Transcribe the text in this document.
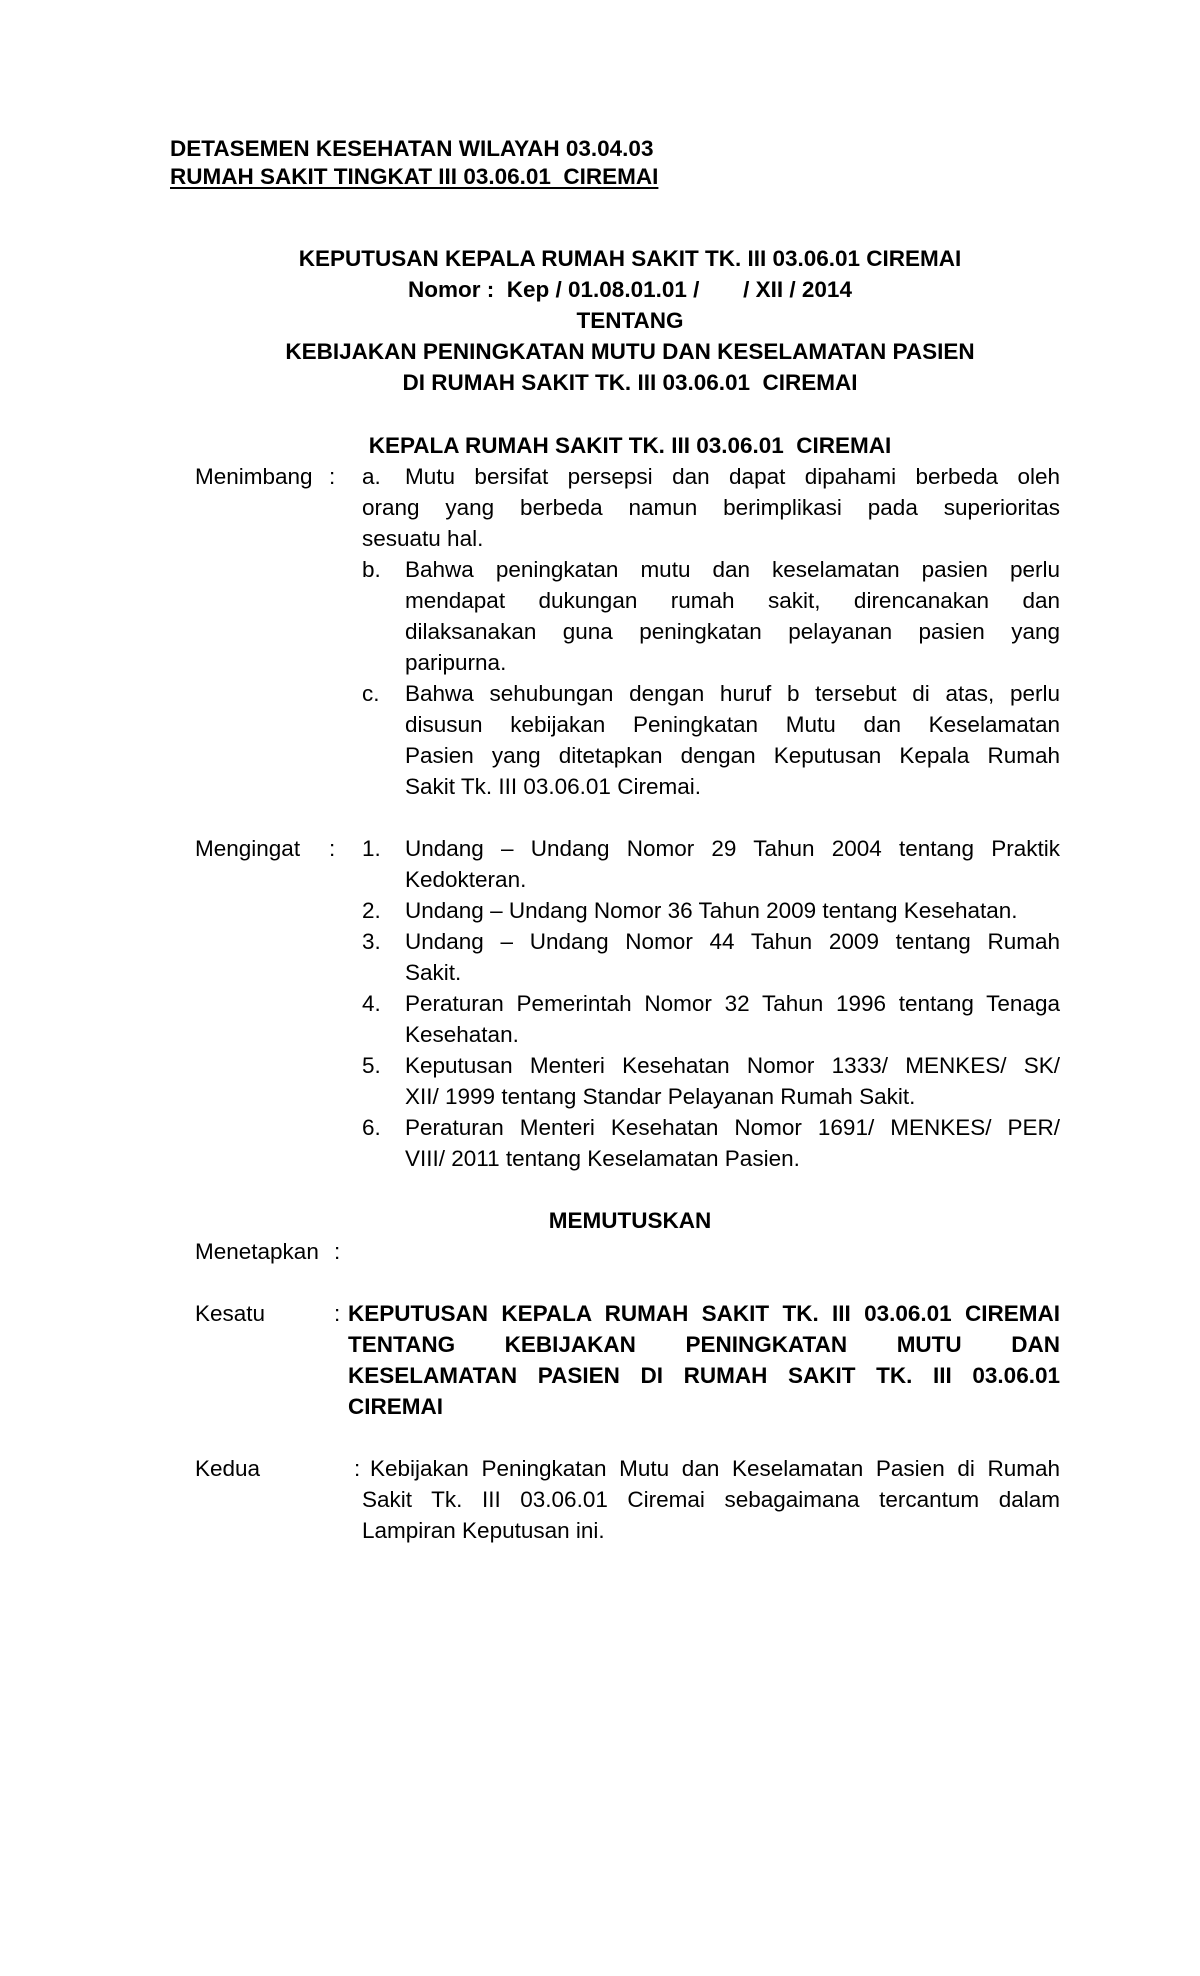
DETASEMEN KESEHATAN WILAYAH 03.04.03
RUMAH SAKIT TINGKAT III 03.06.01  CIREMAI
KEPUTUSAN KEPALA RUMAH SAKIT TK. III 03.06.01 CIREMAI
Nomor :  Kep / 01.08.01.01 /       / XII / 2014
TENTANG
KEBIJAKAN PENINGKATAN MUTU DAN KESELAMATAN PASIEN
DI RUMAH SAKIT TK. III 03.06.01  CIREMAI
KEPALA RUMAH SAKIT TK. III 03.06.01  CIREMAI
Menimbang : a. Mutu bersifat persepsi dan dapat dipahami berbeda oleh
orang yang berbeda namun berimplikasi pada superioritas
sesuatu hal.
b. Bahwa peningkatan mutu dan keselamatan pasien perlu
mendapat dukungan rumah sakit, direncanakan dan
dilaksanakan guna peningkatan pelayanan pasien yang
paripurna.
c. Bahwa sehubungan dengan huruf b tersebut di atas, perlu
disusun kebijakan Peningkatan Mutu dan Keselamatan
Pasien yang ditetapkan dengan Keputusan Kepala Rumah
Sakit Tk. III 03.06.01 Ciremai.
Mengingat : 1. Undang – Undang Nomor 29 Tahun 2004 tentang Praktik
Kedokteran.
2. Undang – Undang Nomor 36 Tahun 2009 tentang Kesehatan.
3. Undang – Undang Nomor 44 Tahun 2009 tentang Rumah
Sakit.
4. Peraturan Pemerintah Nomor 32 Tahun 1996 tentang Tenaga
Kesehatan.
5. Keputusan Menteri Kesehatan Nomor 1333/ MENKES/ SK/
XII/ 1999 tentang Standar Pelayanan Rumah Sakit.
6. Peraturan Menteri Kesehatan Nomor 1691/ MENKES/ PER/
VIII/ 2011 tentang Keselamatan Pasien.
MEMUTUSKAN
Menetapkan :
Kesatu	: KEPUTUSAN KEPALA RUMAH SAKIT TK. III 03.06.01 CIREMAI
TENTANG KEBIJAKAN PENINGKATAN MUTU DAN
KESELAMATAN PASIEN DI RUMAH SAKIT TK. III 03.06.01
CIREMAI
Kedua	: Kebijakan Peningkatan Mutu dan Keselamatan Pasien di Rumah
Sakit Tk. III 03.06.01 Ciremai sebagaimana tercantum dalam
Lampiran Keputusan ini.
